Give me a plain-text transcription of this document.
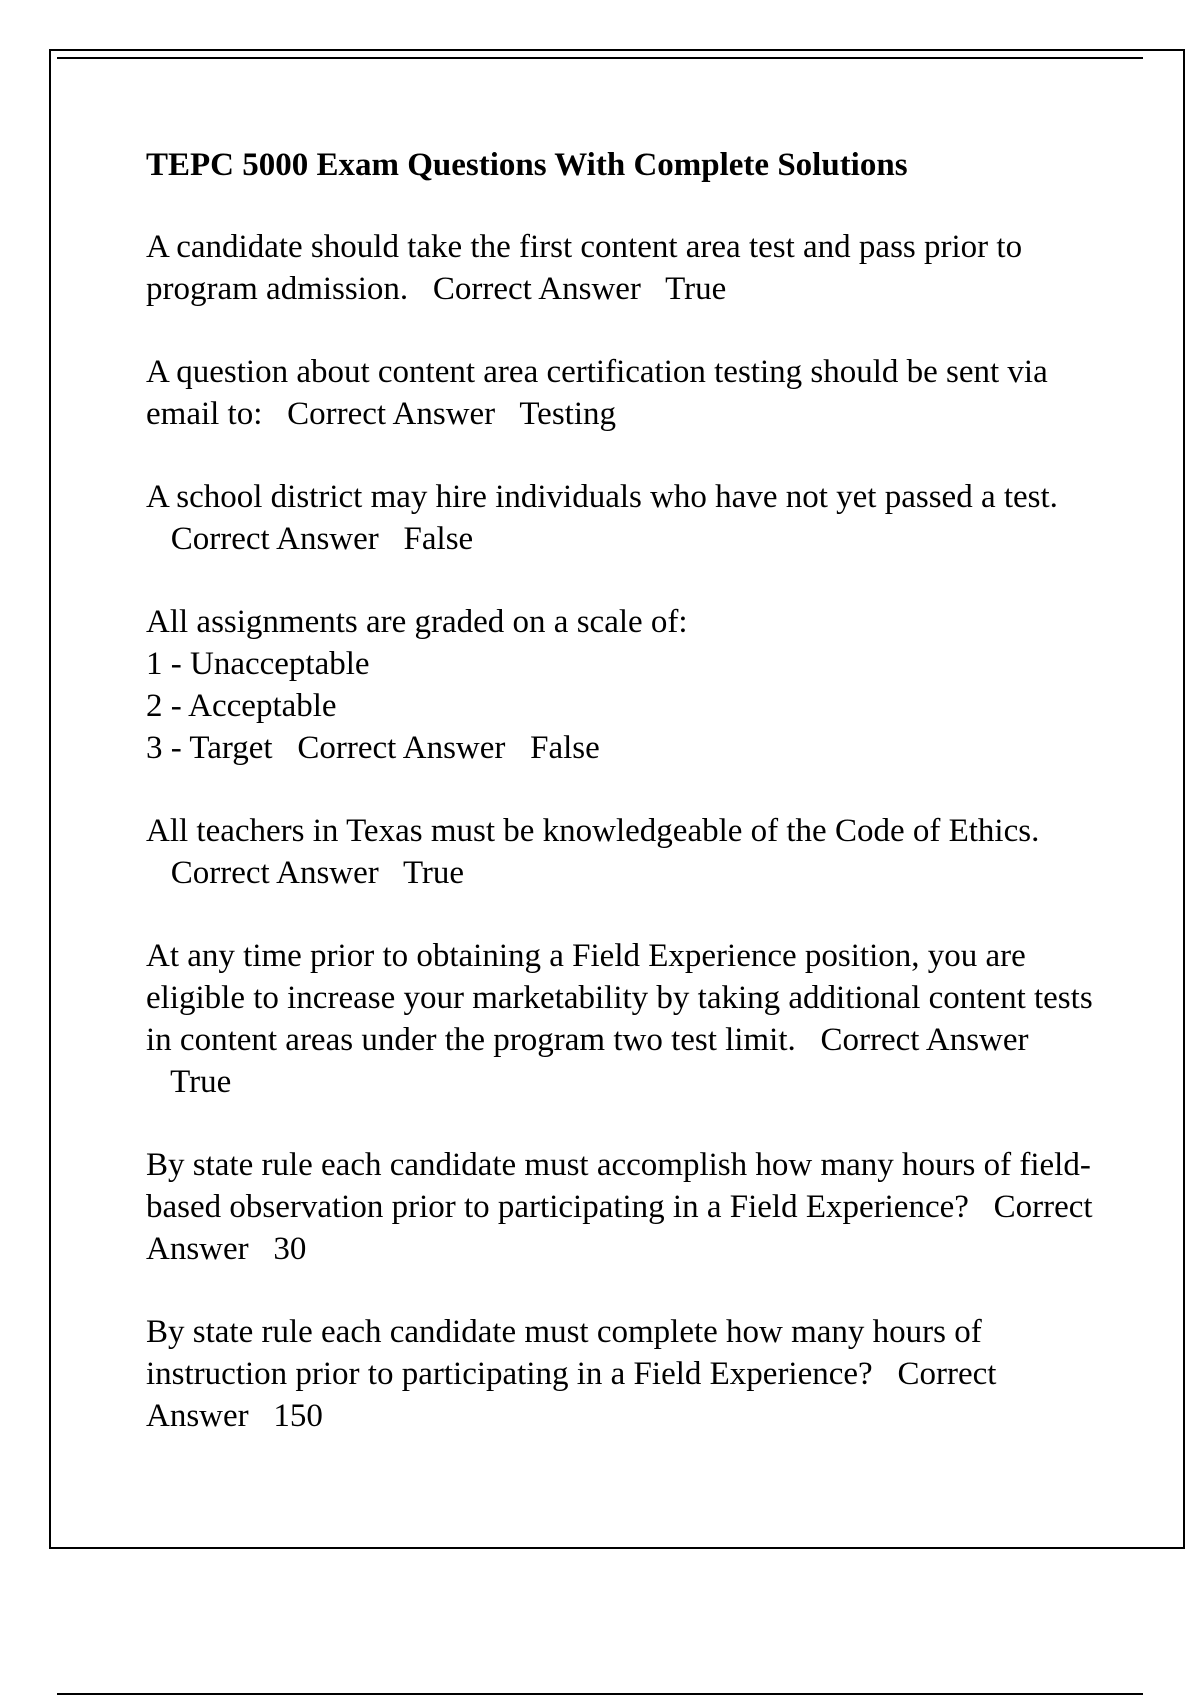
TEPC 5000 Exam Questions With Complete Solutions
A candidate should take the first content area test and pass prior to program admission. Correct Answer True
A question about content area certification testing should be sent via email to: Correct Answer Testing
A school district may hire individuals who have not yet passed a test.   Correct Answer False
All assignments are graded on a scale of:
1 - Unacceptable
2 - Acceptable
3 - Target Correct Answer False
All teachers in Texas must be knowledgeable of the Code of Ethics.   Correct Answer True
At any time prior to obtaining a Field Experience position, you are eligible to increase your marketability by taking additional content tests in content areas under the program two test limit. Correct Answer   True
By state rule each candidate must accomplish how many hours of field-based observation prior to participating in a Field Experience? Correct Answer 30
By state rule each candidate must complete how many hours of instruction prior to participating in a Field Experience? Correct Answer 150
